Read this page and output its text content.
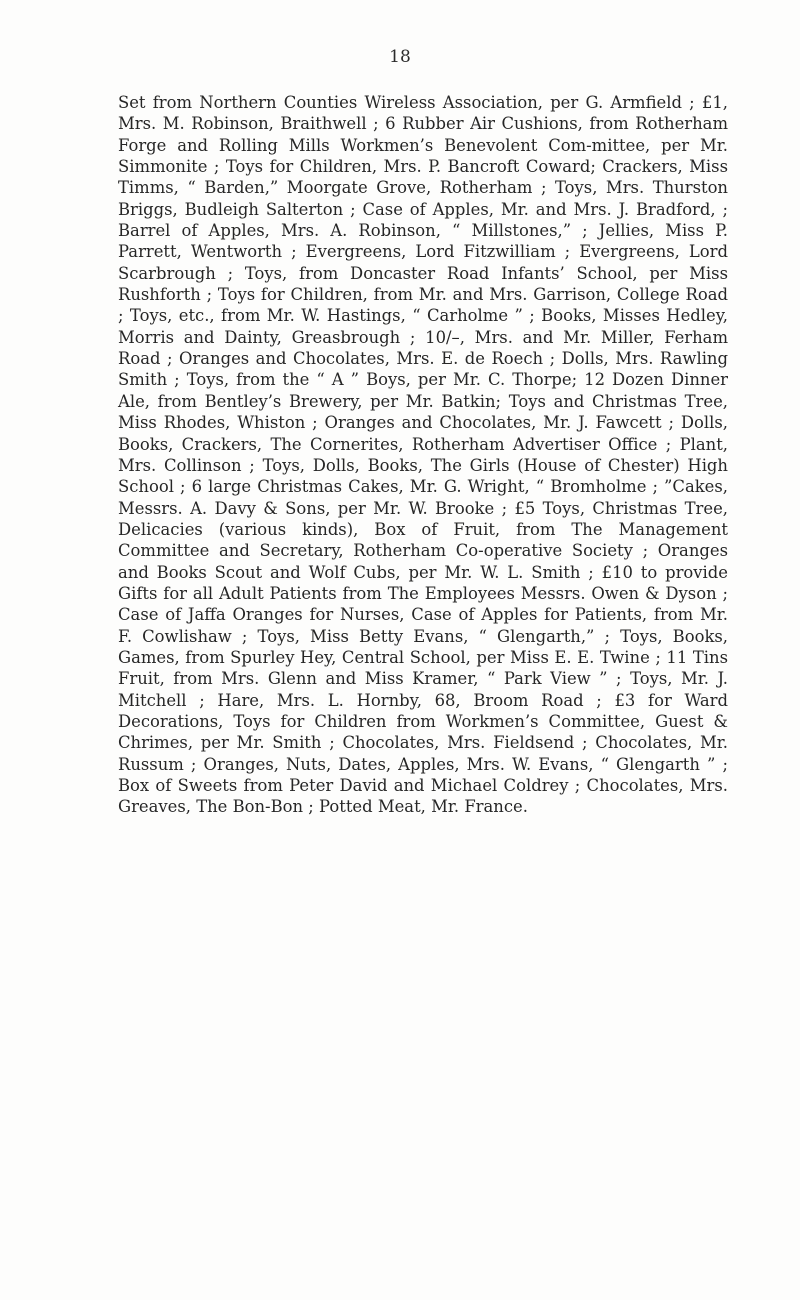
18

Set from Northern Counties Wireless Association, per G. Armfield ; £1, Mrs. M. Robinson, Braithwell ; 6 Rubber Air Cushions, from Rotherham Forge and Rolling Mills Workmen’s Benevolent Com-mittee, per Mr. Simmonite ; Toys for Children, Mrs. P. Bancroft Coward; Crackers, Miss Timms, “ Barden,” Moorgate Grove, Rotherham ; Toys, Mrs. Thurston Briggs, Budleigh Salterton ; Case of Apples, Mr. and Mrs. J. Bradford, ; Barrel of Apples, Mrs. A. Robinson, “ Millstones,” ; Jellies, Miss P. Parrett, Wentworth ; Evergreens, Lord Fitzwilliam ; Evergreens, Lord Scarbrough ; Toys, from Doncaster Road Infants’ School, per Miss Rushforth ; Toys for Children, from Mr. and Mrs. Garrison, College Road ; Toys, etc., from Mr. W. Hastings, “ Carholme ” ; Books, Misses Hedley, Morris and Dainty, Greasbrough ; 10/–, Mrs. and Mr. Miller, Ferham Road ; Oranges and Chocolates, Mrs. E. de Roech ; Dolls, Mrs. Rawling Smith ; Toys, from the “ A ” Boys, per Mr. C. Thorpe; 12 Dozen Dinner Ale, from Bentley’s Brewery, per Mr. Batkin; Toys and Christmas Tree, Miss Rhodes, Whiston ; Oranges and Chocolates, Mr. J. Fawcett ; Dolls, Books, Crackers, The Cornerites, Rotherham Advertiser Office ; Plant, Mrs. Collinson ; Toys, Dolls, Books, The Girls (House of Chester) High School ; 6 large Christmas Cakes, Mr. G. Wright, “ Bromholme ; ”Cakes, Messrs. A. Davy & Sons, per Mr. W. Brooke ; £5 Toys, Christmas Tree, Delicacies (various kinds), Box of Fruit, from The Management Committee and Secretary, Rotherham Co-operative Society ; Oranges and Books Scout and Wolf Cubs, per Mr. W. L. Smith ; £10 to provide Gifts for all Adult Patients from The Employees Messrs. Owen & Dyson ; Case of Jaffa Oranges for Nurses, Case of Apples for Patients, from Mr. F. Cowlishaw ; Toys, Miss Betty Evans, “ Glengarth,” ; Toys, Books, Games, from Spurley Hey, Central School, per Miss E. E. Twine ; 11 Tins Fruit, from Mrs. Glenn and Miss Kramer, “ Park View ” ; Toys, Mr. J. Mitchell ; Hare, Mrs. L. Hornby, 68, Broom Road ; £3 for Ward Decorations, Toys for Children from Workmen’s Committee, Guest & Chrimes, per Mr. Smith ; Chocolates, Mrs. Fieldsend ; Chocolates, Mr. Russum ; Oranges, Nuts, Dates, Apples, Mrs. W. Evans, “ Glengarth ” ; Box of Sweets from Peter David and Michael Coldrey ; Chocolates, Mrs. Greaves, The Bon-Bon ; Potted Meat, Mr. France.
